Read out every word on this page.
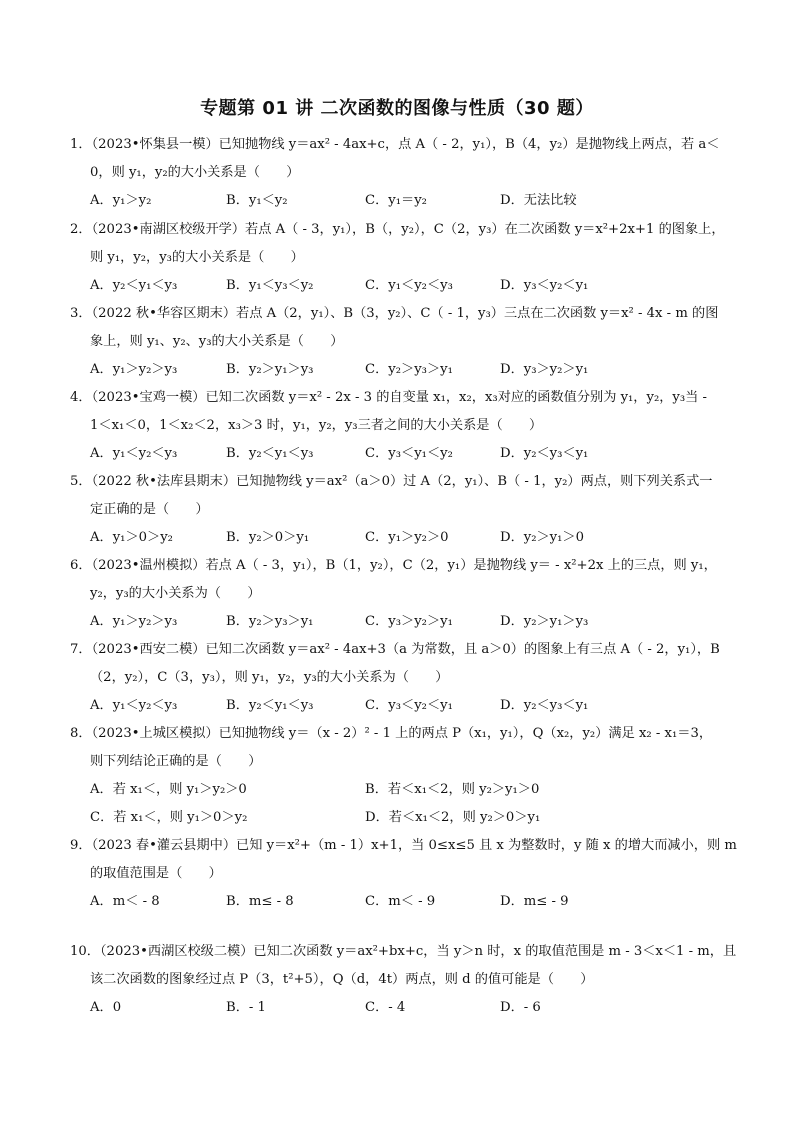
专题第 01 讲 二次函数的图像与性质（30 题）
1．（2023•怀集县一模）已知抛物线 y＝ax² - 4ax+c，点 A（ - 2，y₁），B（4，y₂）是抛物线上两点，若 a＜
0，则 y₁，y₂的大小关系是（　　）
A．y₁＞y₂	B．y₁＜y₂	C．y₁＝y₂	D．无法比较
2．（2023•南湖区校级开学）若点 A（ - 3，y₁），B（，y₂），C（2，y₃）在二次函数 y＝x²+2x+1 的图象上，
则 y₁，y₂，y₃的大小关系是（　　）
A．y₂＜y₁＜y₃	B．y₁＜y₃＜y₂	C．y₁＜y₂＜y₃	D．y₃＜y₂＜y₁
3．（2022 秋•华容区期末）若点 A（2，y₁）、B（3，y₂）、C（ - 1，y₃）三点在二次函数 y＝x² - 4x - m 的图
象上，则 y₁、y₂、y₃的大小关系是（　　）
A．y₁＞y₂＞y₃	B．y₂＞y₁＞y₃	C．y₂＞y₃＞y₁	D．y₃＞y₂＞y₁
4．（2023•宝鸡一模）已知二次函数 y＝x² - 2x - 3 的自变量 x₁，x₂，x₃对应的函数值分别为 y₁，y₂，y₃当 -
1＜x₁＜0，1＜x₂＜2，x₃＞3 时，y₁，y₂，y₃三者之间的大小关系是（　　）
A．y₁＜y₂＜y₃	B．y₂＜y₁＜y₃	C．y₃＜y₁＜y₂	D．y₂＜y₃＜y₁
5．（2022 秋•法库县期末）已知抛物线 y＝ax²（a＞0）过 A（2，y₁）、B（ - 1，y₂）两点，则下列关系式一
定正确的是（　　）
A．y₁＞0＞y₂	B．y₂＞0＞y₁	C．y₁＞y₂＞0	D．y₂＞y₁＞0
6．（2023•温州模拟）若点 A（ - 3，y₁），B（1，y₂），C（2，y₁）是抛物线 y＝ - x²+2x 上的三点，则 y₁，
y₂，y₃的大小关系为（　　）
A．y₁＞y₂＞y₃	B．y₂＞y₃＞y₁	C．y₃＞y₂＞y₁	D．y₂＞y₁＞y₃
7．（2023•西安二模）已知二次函数 y＝ax² - 4ax+3（a 为常数，且 a＞0）的图象上有三点 A（ - 2，y₁），B
（2，y₂），C（3，y₃），则 y₁，y₂，y₃的大小关系为（　　）
A．y₁＜y₂＜y₃	B．y₂＜y₁＜y₃	C．y₃＜y₂＜y₁	D．y₂＜y₃＜y₁
8．（2023•上城区模拟）已知抛物线 y＝（x - 2）² - 1 上的两点 P（x₁，y₁），Q（x₂，y₂）满足 x₂ - x₁＝3，
则下列结论正确的是（　　）
A．若 x₁＜，则 y₁＞y₂＞0	B．若＜x₁＜2，则 y₂＞y₁＞0
C．若 x₁＜，则 y₁＞0＞y₂	D．若＜x₁＜2，则 y₂＞0＞y₁
9．（2023 春•灌云县期中）已知 y＝x²+（m - 1）x+1，当 0≤x≤5 且 x 为整数时，y 随 x 的增大而减小，则 m
的取值范围是（　　）
A．m＜ - 8	B．m≤ - 8	C．m＜ - 9	D．m≤ - 9
10．（2023•西湖区校级二模）已知二次函数 y＝ax²+bx+c，当 y＞n 时，x 的取值范围是 m - 3＜x＜1 - m，且
该二次函数的图象经过点 P（3，t²+5），Q（d，4t）两点，则 d 的值可能是（　　）
A．0	B．- 1	C．- 4	D．- 6
